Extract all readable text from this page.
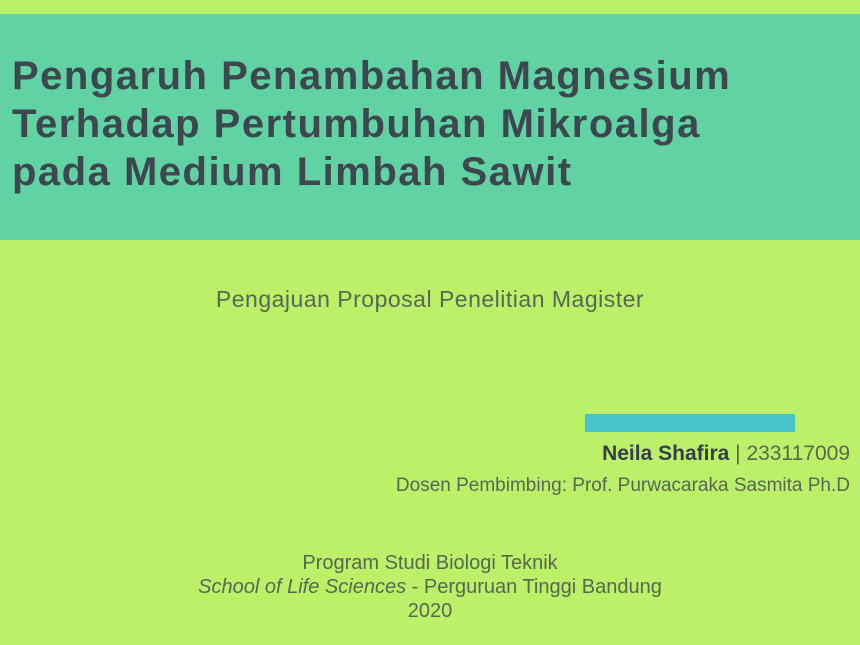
Pengaruh Penambahan Magnesium
Terhadap Pertumbuhan Mikroalga
pada Medium Limbah Sawit
Pengajuan Proposal Penelitian Magister
Neila Shafira | 233117009
Dosen Pembimbing: Prof. Purwacaraka Sasmita Ph.D
Program Studi Biologi Teknik
School of Life Sciences - Perguruan Tinggi Bandung
2020
